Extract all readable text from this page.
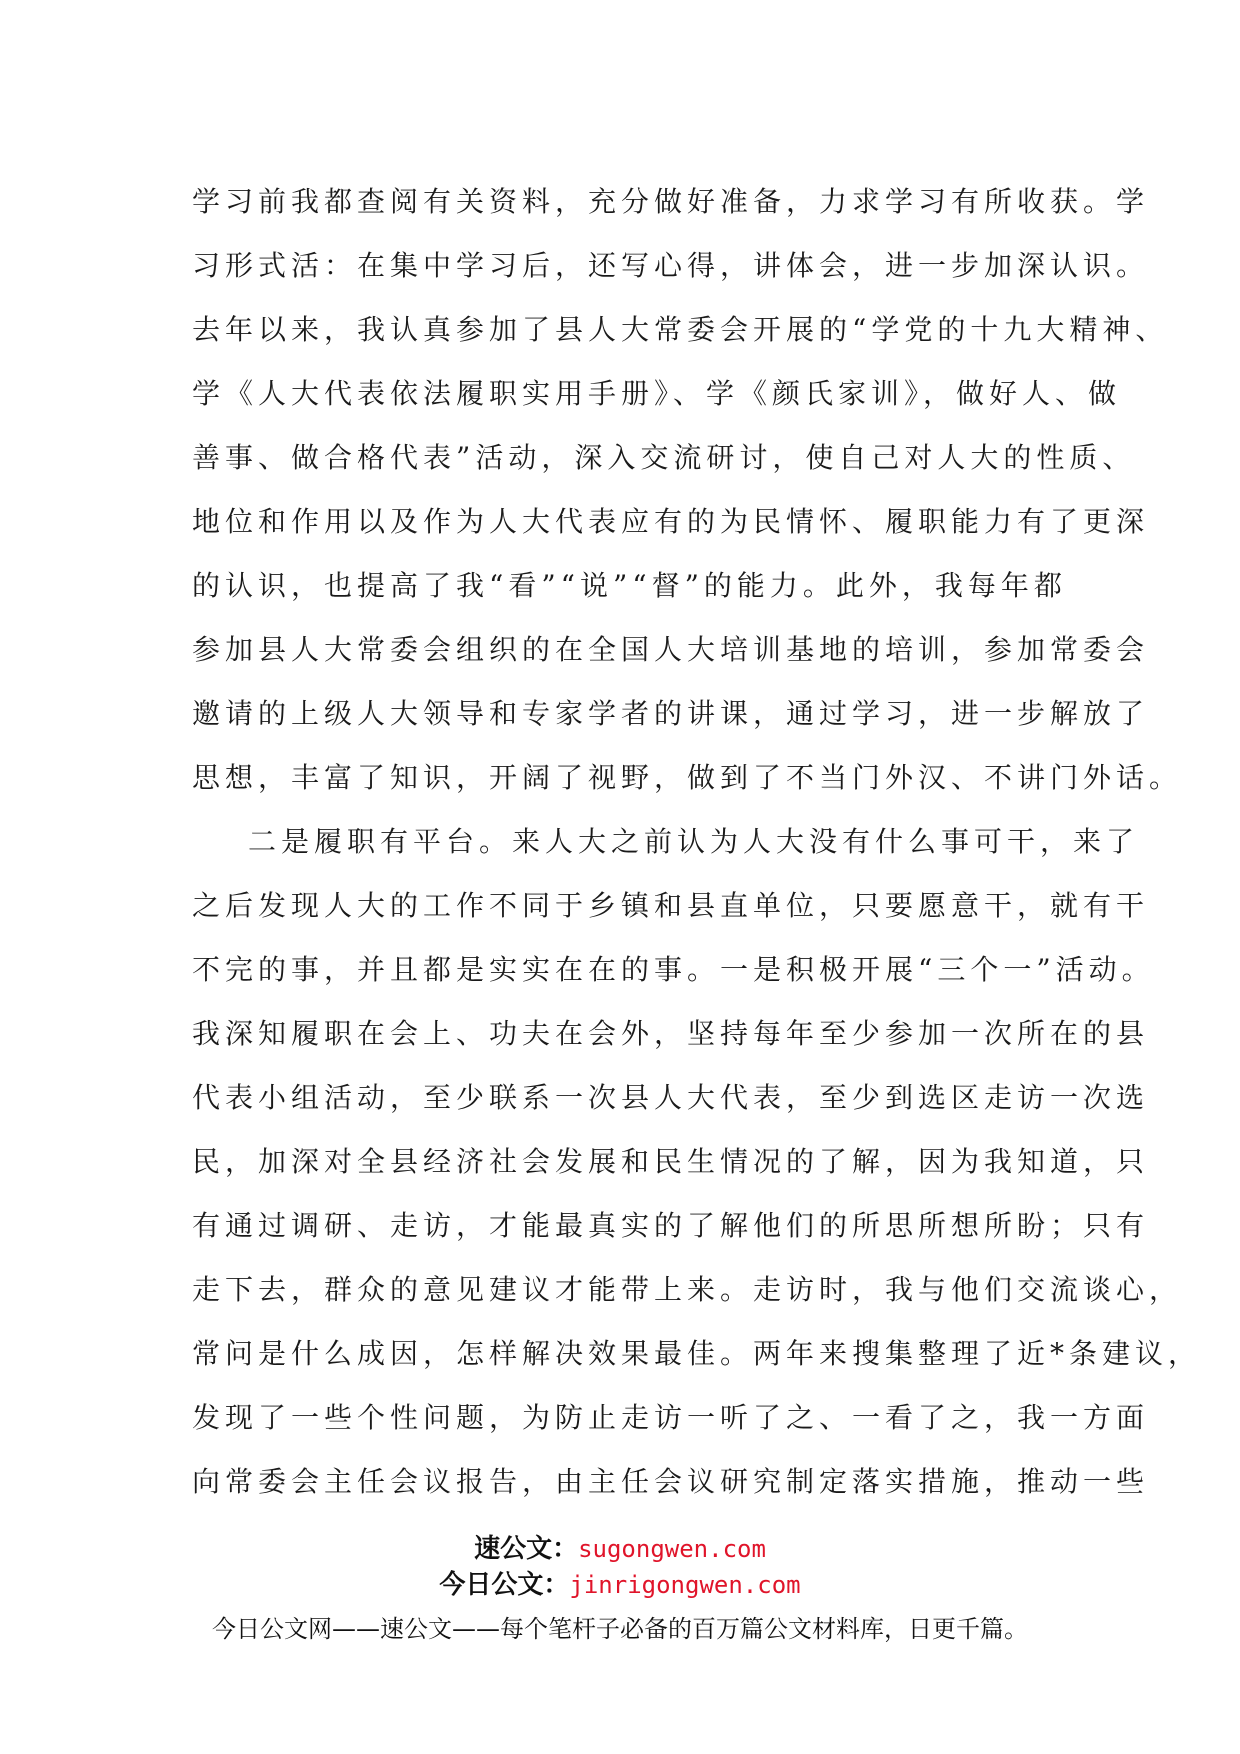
学习前我都查阅有关资料，充分做好准备，力求学习有所收获。学
习形式活：在集中学习后，还写心得，讲体会，进一步加深认识。
去年以来，我认真参加了县人大常委会开展的“学党的十九大精神、
学《人大代表依法履职实用手册》、学《颜氏家训》，做好人、做
善事、做合格代表”活动，深入交流研讨，使自己对人大的性质、
地位和作用以及作为人大代表应有的为民情怀、履职能力有了更深
的认识，也提高了我“看”“说”“督”的能力。此外，我每年都
参加县人大常委会组织的在全国人大培训基地的培训，参加常委会
邀请的上级人大领导和专家学者的讲课，通过学习，进一步解放了
思想，丰富了知识，开阔了视野，做到了不当门外汉、不讲门外话。
二是履职有平台。来人大之前认为人大没有什么事可干，来了
之后发现人大的工作不同于乡镇和县直单位，只要愿意干，就有干
不完的事，并且都是实实在在的事。一是积极开展“三个一”活动。
我深知履职在会上、功夫在会外，坚持每年至少参加一次所在的县
代表小组活动，至少联系一次县人大代表，至少到选区走访一次选
民，加深对全县经济社会发展和民生情况的了解，因为我知道，只
有通过调研、走访，才能最真实的了解他们的所思所想所盼；只有
走下去，群众的意见建议才能带上来。走访时，我与他们交流谈心，
常问是什么成因，怎样解决效果最佳。两年来搜集整理了近*条建议，
发现了一些个性问题，为防止走访一听了之、一看了之，我一方面
向常委会主任会议报告，由主任会议研究制定落实措施，推动一些
速公文：sugongwen.com
今日公文：jinrigongwen.com
今日公文网——速公文——每个笔杆子必备的百万篇公文材料库，日更千篇。
